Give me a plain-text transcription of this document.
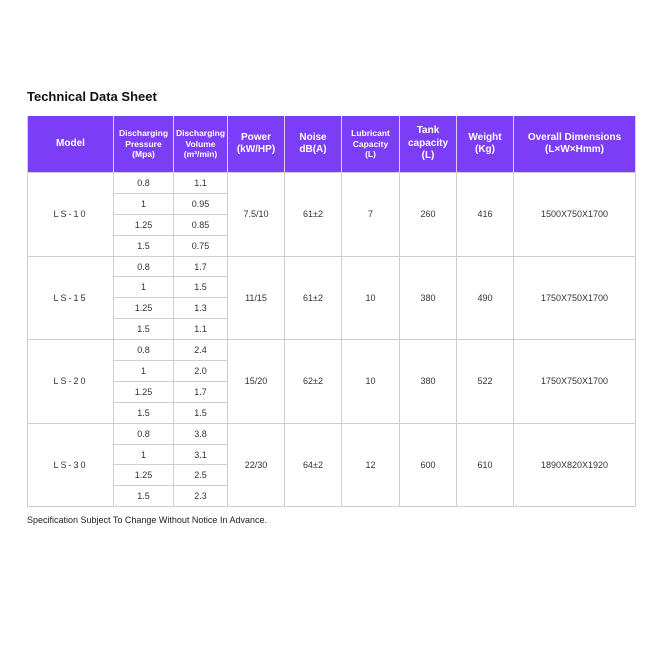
Technical Data Sheet
Model	Discharging
Pressure
(Mpa)	Discharging
Volume
(m³/min)	Power
(kW/HP)	Noise
dB(A)	Lubricant
Capacity
(L)	Tank
capacity
(L)	Weight
(Kg)	Overall Dimensions
(L×W×Hmm)

LS-10	0.8	1.1	7.5/10	61±2	7	260	416	1500X750X1700
	1	0.95						
	1.25	0.85						
	1.5	0.75						
LS-15	0.8	1.7	11/15	61±2	10	380	490	1750X750X1700
	1	1.5						
	1.25	1.3						
	1.5	1.1						
LS-20	0.8	2.4	15/20	62±2	10	380	522	1750X750X1700
	1	2.0						
	1.25	1.7						
	1.5	1.5						
LS-30	0.8	3.8	22/30	64±2	12	600	610	1890X820X1920
	1	3.1						
	1.25	2.5						
	1.5	2.3						
Specification Subject To Change Without Notice In Advance.
